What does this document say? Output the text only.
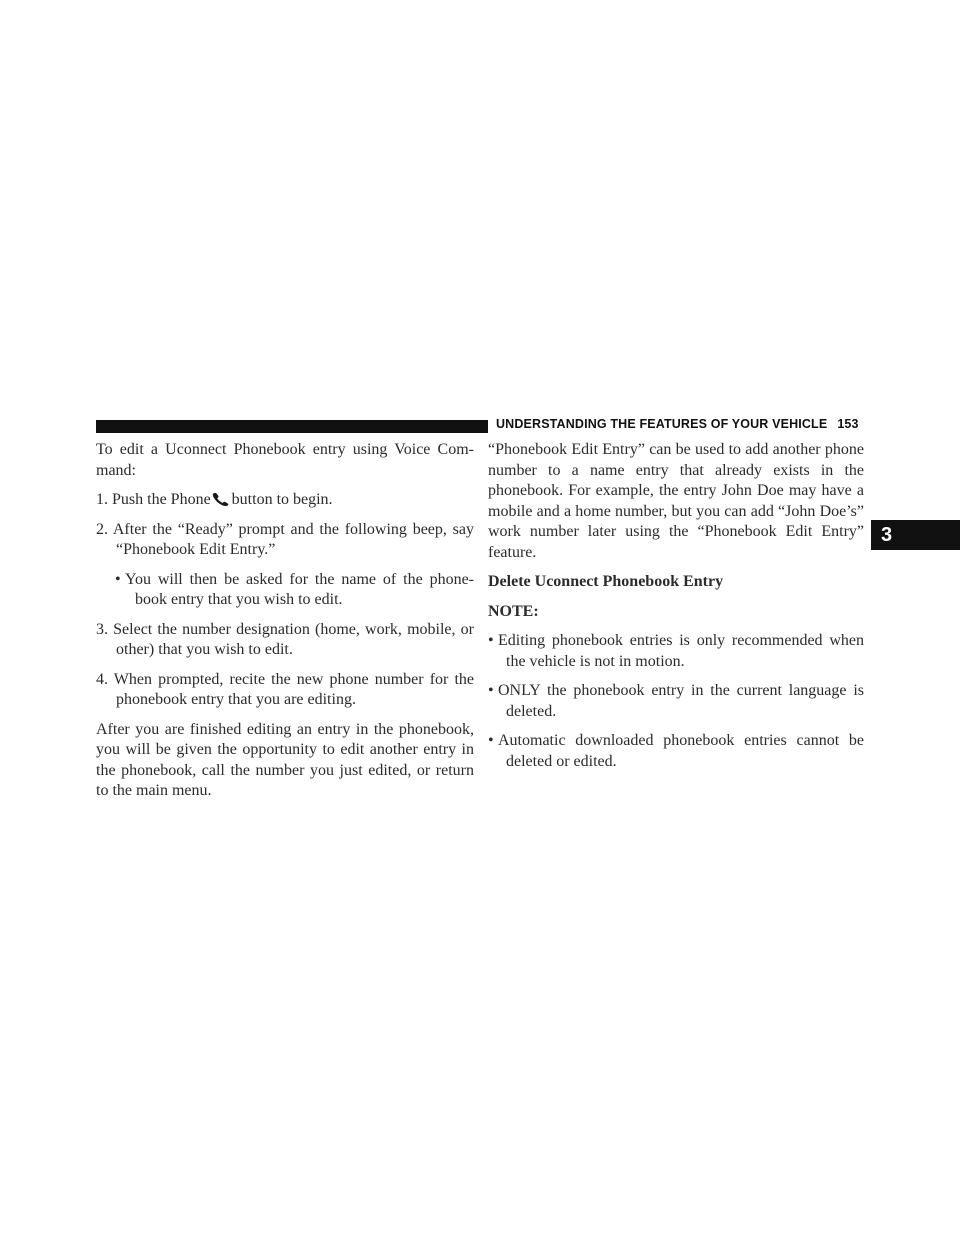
UNDERSTANDING THE FEATURES OF YOUR VEHICLE 153
3

To edit a Uconnect Phonebook entry using Voice Com-mand:

1. Push the Phone button to begin.

2. After the “Ready” prompt and the following beep, say “Phonebook Edit Entry.”

• You will then be asked for the name of the phone-book entry that you wish to edit.

3. Select the number designation (home, work, mobile, or other) that you wish to edit.

4. When prompted, recite the new phone number for the phonebook entry that you are editing.

After you are finished editing an entry in the phonebook, you will be given the opportunity to edit another entry in the phonebook, call the number you just edited, or return to the main menu.

“Phonebook Edit Entry” can be used to add another phone number to a name entry that already exists in the phonebook. For example, the entry John Doe may have a mobile and a home number, but you can add “John Doe’s” work number later using the “Phonebook Edit Entry” feature.

Delete Uconnect Phonebook Entry

NOTE:

• Editing phonebook entries is only recommended when the vehicle is not in motion.

• ONLY the phonebook entry in the current language is deleted.

• Automatic downloaded phonebook entries cannot be deleted or edited.
